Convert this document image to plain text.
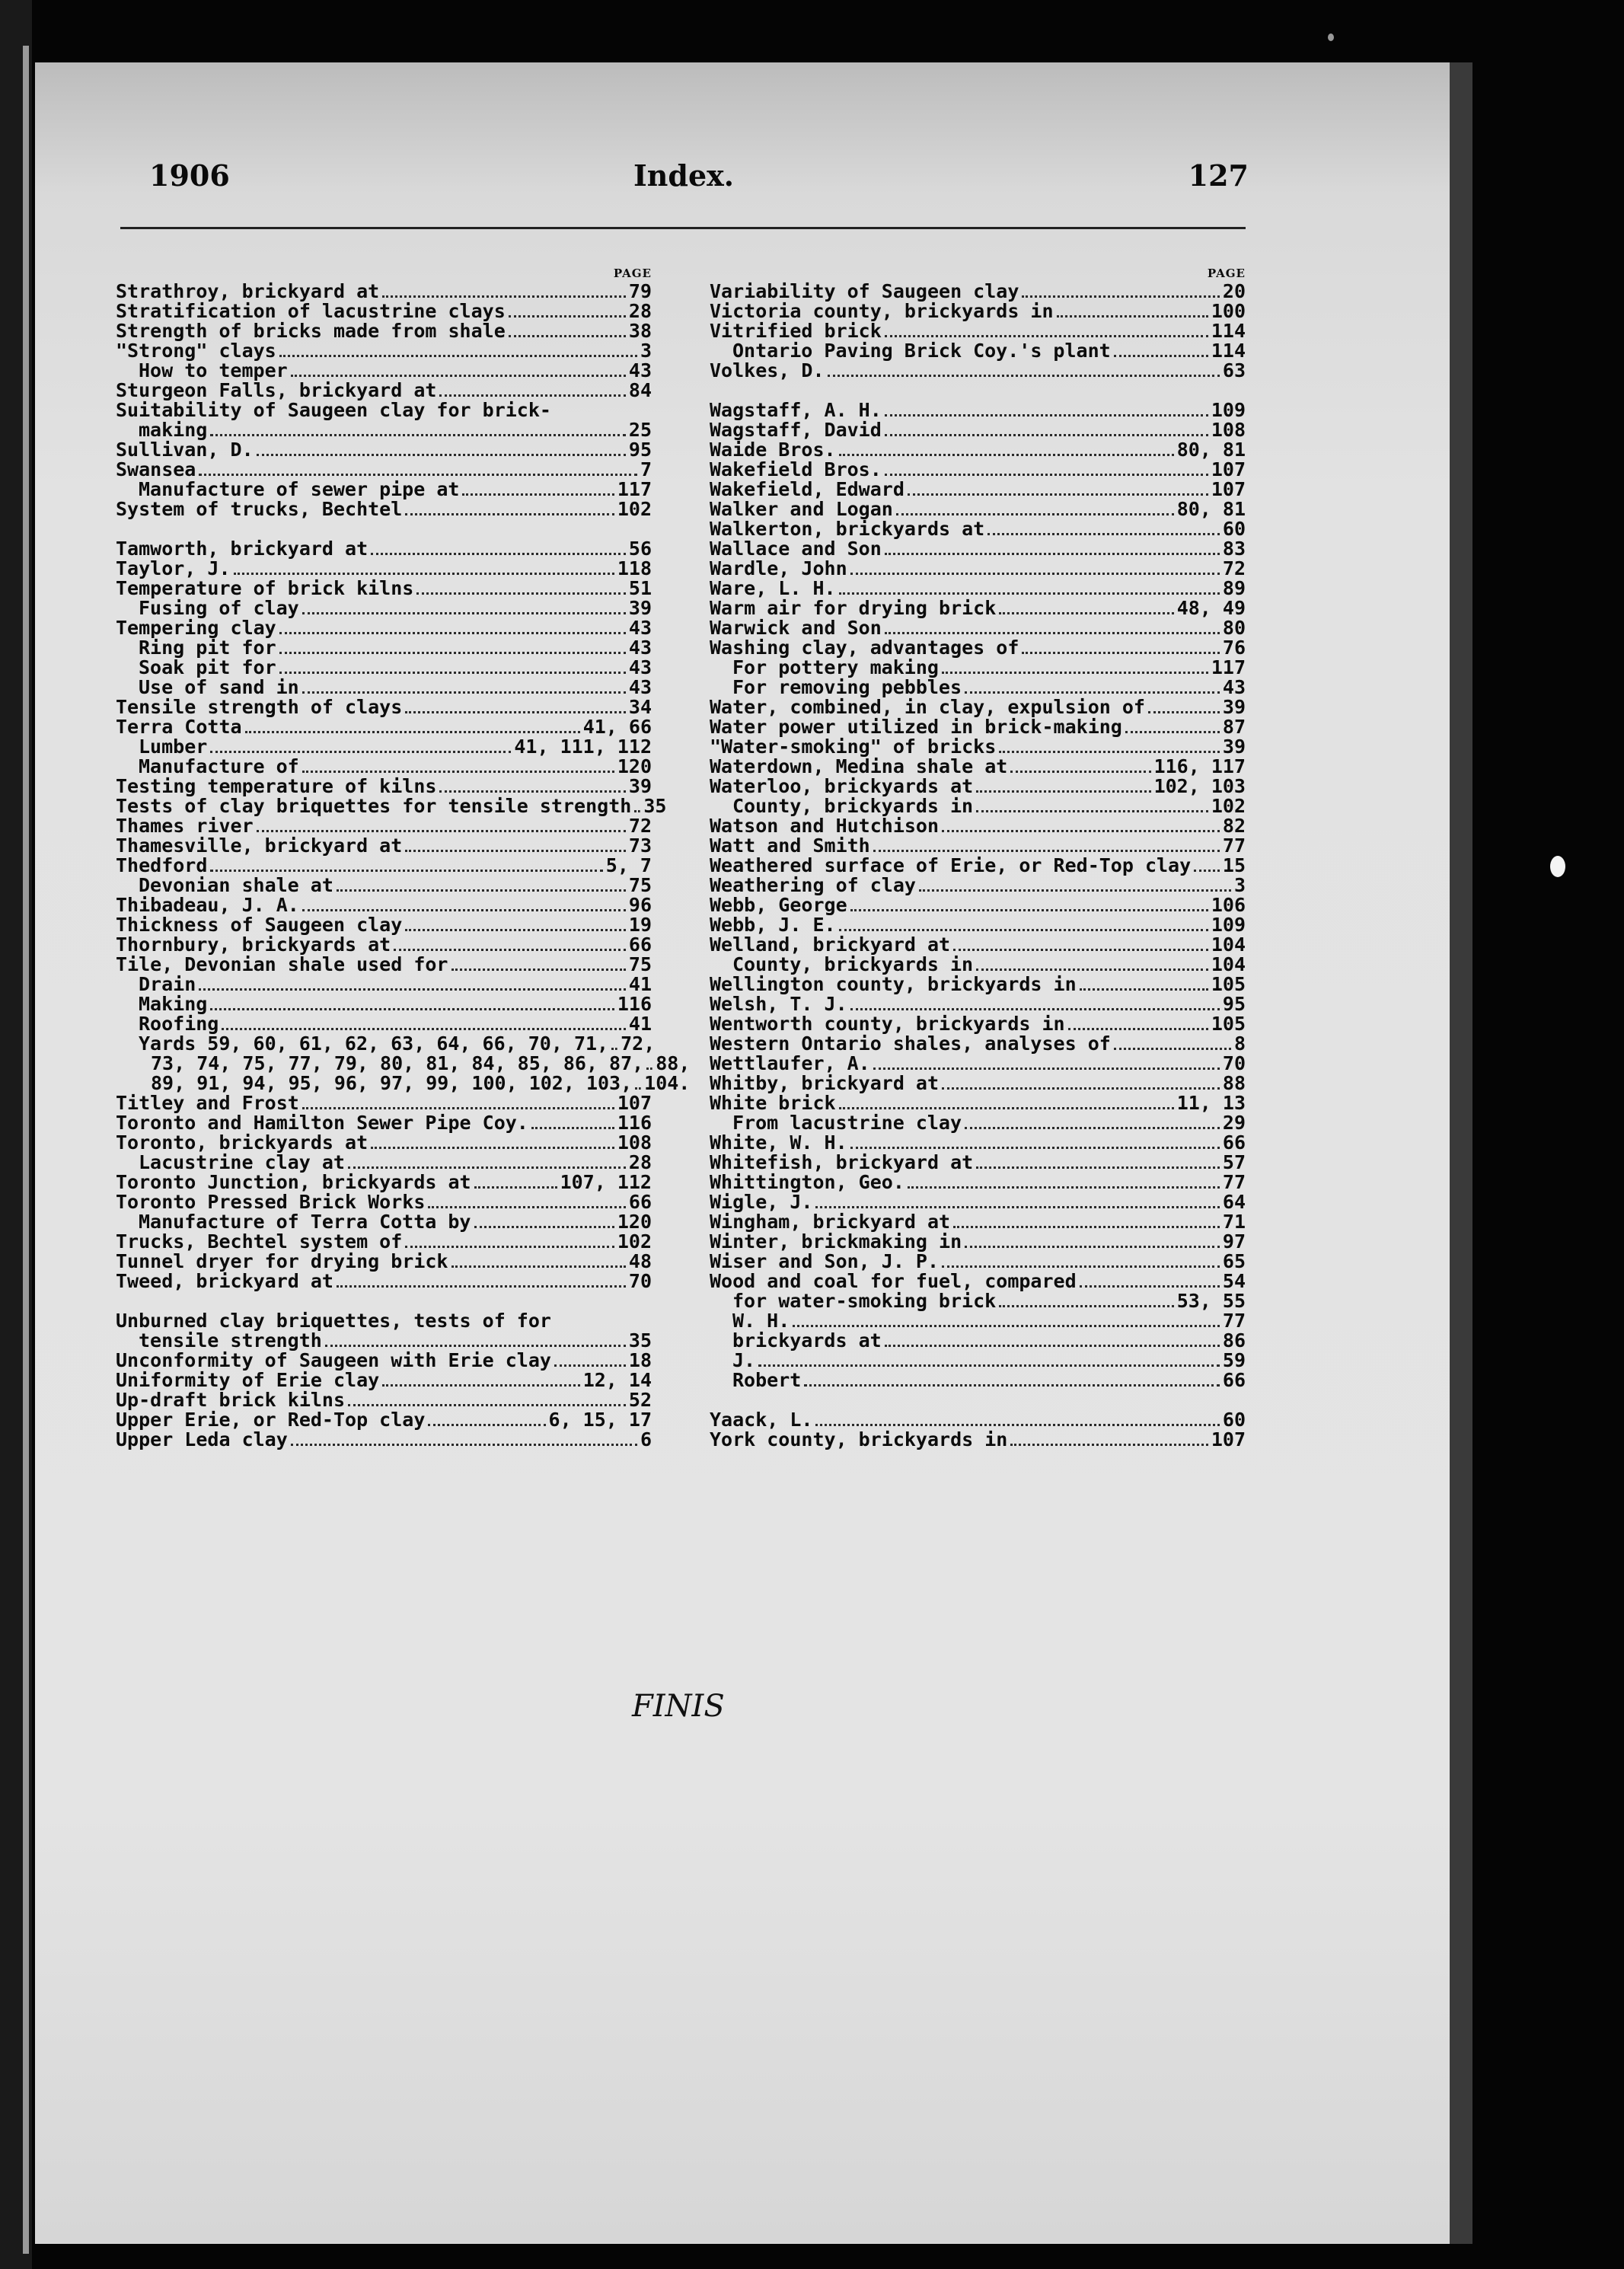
1906	Index.	127
PAGE
Strathroy, brickyard at	79
Stratification of lacustrine clays	28
Strength of bricks made from shale	38
"Strong" clays	3
How to temper	43
Sturgeon Falls, brickyard at	84
Suitability of Saugeen clay for brick-
making	25
Sullivan, D.	95
Swansea	7
Manufacture of sewer pipe at	117
System of trucks, Bechtel	102
Tamworth, brickyard at	56
Taylor, J.	118
Temperature of brick kilns	51
Fusing of clay	39
Tempering clay	43
Ring pit for	43
Soak pit for	43
Use of sand in	43
Tensile strength of clays	34
Terra Cotta	41, 66
Lumber	41, 111, 112
Manufacture of	120
Testing temperature of kilns	39
Tests of clay briquettes for tensile strength 35
Thames river	72
Thamesville, brickyard at	73
Thedford	5, 7
Devonian shale at	75
Thibadeau, J. A.	96
Thickness of Saugeen clay	19
Thornbury, brickyards at	66
Tile, Devonian shale used for	75
Drain	41
Making	116
Roofing	41
Yards 59, 60, 61, 62, 63, 64, 66, 70, 71, 72,
73, 74, 75, 77, 79, 80, 81, 84, 85, 86, 87, 88,
89, 91, 94, 95, 96, 97, 99, 100, 102, 103, 104.
Titley and Frost	107
Toronto and Hamilton Sewer Pipe Coy.	116
Toronto, brickyards at	108
Lacustrine clay at	28
Toronto Junction, brickyards at	107, 112
Toronto Pressed Brick Works	66
Manufacture of Terra Cotta by	120
Trucks, Bechtel system of	102
Tunnel dryer for drying brick	48
Tweed, brickyard at	70
Unburned clay briquettes, tests of for
tensile strength	35
Unconformity of Saugeen with Erie clay	18
Uniformity of Erie clay	12, 14
Up-draft brick kilns	52
Upper Erie, or Red-Top clay	6, 15, 17
Upper Leda clay	6
PAGE
Variability of Saugeen clay	20
Victoria county, brickyards in	100
Vitrified brick	114
Ontario Paving Brick Coy.'s plant	114
Volkes, D.	63
Wagstaff, A. H.	109
Wagstaff, David	108
Waide Bros.	80, 81
Wakefield Bros.	107
Wakefield, Edward	107
Walker and Logan	80, 81
Walkerton, brickyards at	60
Wallace and Son	83
Wardle, John	72
Ware, L. H.	89
Warm air for drying brick	48, 49
Warwick and Son	80
Washing clay, advantages of	76
For pottery making	117
For removing pebbles	43
Water, combined, in clay, expulsion of	39
Water power utilized in brick-making	87
"Water-smoking" of bricks	39
Waterdown, Medina shale at	116, 117
Waterloo, brickyards at	102, 103
County, brickyards in	102
Watson and Hutchison	82
Watt and Smith	77
Weathered surface of Erie, or Red-Top clay 15
Weathering of clay	3
Webb, George	106
Webb, J. E.	109
Welland, brickyard at	104
County, brickyards in	104
Wellington county, brickyards in	105
Welsh, T. J.	95
Wentworth county, brickyards in	105
Western Ontario shales, analyses of	8
Wettlaufer, A.	70
Whitby, brickyard at	88
White brick	11, 13
From lacustrine clay	29
White, W. H.	66
Whitefish, brickyard at	57
Whittington, Geo.	77
Wigle, J.	64
Wingham, brickyard at	71
Winter, brickmaking in	97
Wiser and Son, J. P.	65
Wood and coal for fuel, compared	54
for water-smoking brick	53, 55
W. H.	77
brickyards at	86
J.	59
Robert	66
Yaack, L.	60
York county, brickyards in	107
FINIS
